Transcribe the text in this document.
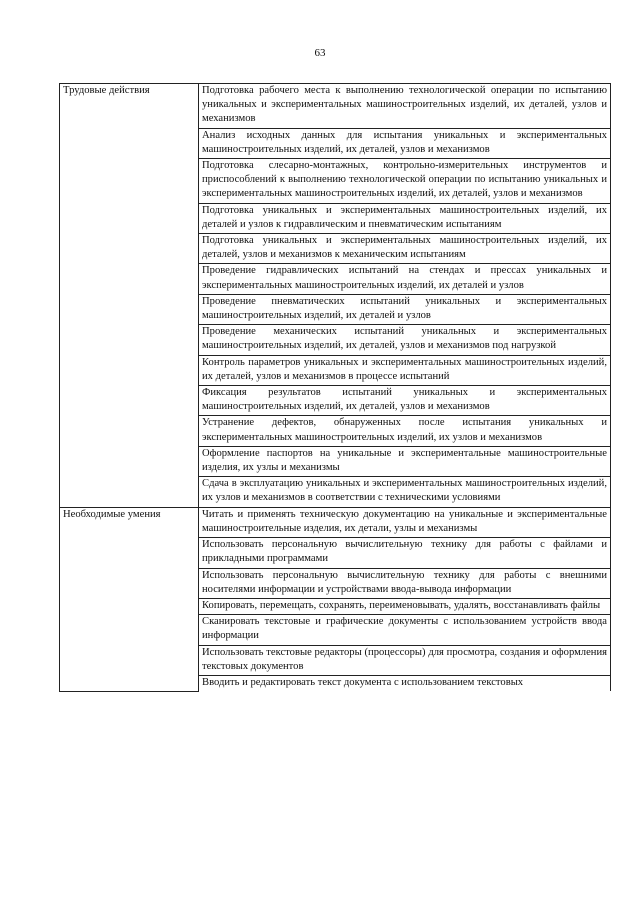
63
Трудовые действия	Подготовка рабочего места к выполнению технологической операции по испытанию уникальных и экспериментальных машиностроительных изделий, их деталей, узлов и механизмов
	Анализ исходных данных для испытания уникальных и экспериментальных машиностроительных изделий, их деталей, узлов и механизмов
	Подготовка слесарно-монтажных, контрольно-измерительных инструментов и приспособлений к выполнению технологической операции по испытанию уникальных и экспериментальных машиностроительных изделий, их деталей, узлов и механизмов
	Подготовка уникальных и экспериментальных машиностроительных изделий, их деталей и узлов к гидравлическим и пневматическим испытаниям
	Подготовка уникальных и экспериментальных машиностроительных изделий, их деталей, узлов и механизмов к механическим испытаниям
	Проведение гидравлических испытаний на стендах и прессах уникальных и экспериментальных машиностроительных изделий, их деталей и узлов
	Проведение пневматических испытаний уникальных и экспериментальных машиностроительных изделий, их деталей и узлов
	Проведение механических испытаний уникальных и экспериментальных машиностроительных изделий, их деталей, узлов и механизмов под нагрузкой
	Контроль параметров уникальных и экспериментальных машиностроительных изделий, их деталей, узлов и механизмов в процессе испытаний
	Фиксация результатов испытаний уникальных и экспериментальных машиностроительных изделий, их деталей, узлов и механизмов
	Устранение дефектов, обнаруженных после испытания уникальных и экспериментальных машиностроительных изделий, их узлов и механизмов
	Оформление паспортов на уникальные и экспериментальные машиностроительные изделия, их узлы и механизмы
	Сдача в эксплуатацию уникальных и экспериментальных машиностроительных изделий, их узлов и механизмов в соответствии с техническими условиями
Необходимые умения	Читать и применять техническую документацию на уникальные и экспериментальные машиностроительные изделия, их детали, узлы и механизмы
	Использовать персональную вычислительную технику для работы с файлами и прикладными программами
	Использовать персональную вычислительную технику для работы с внешними носителями информации и устройствами ввода-вывода информации
	Копировать, перемещать, сохранять, переименовывать, удалять, восстанавливать файлы
	Сканировать текстовые и графические документы с использованием устройств ввода информации
	Использовать текстовые редакторы (процессоры) для просмотра, создания и оформления текстовых документов
	Вводить и редактировать текст документа с использованием текстовых
